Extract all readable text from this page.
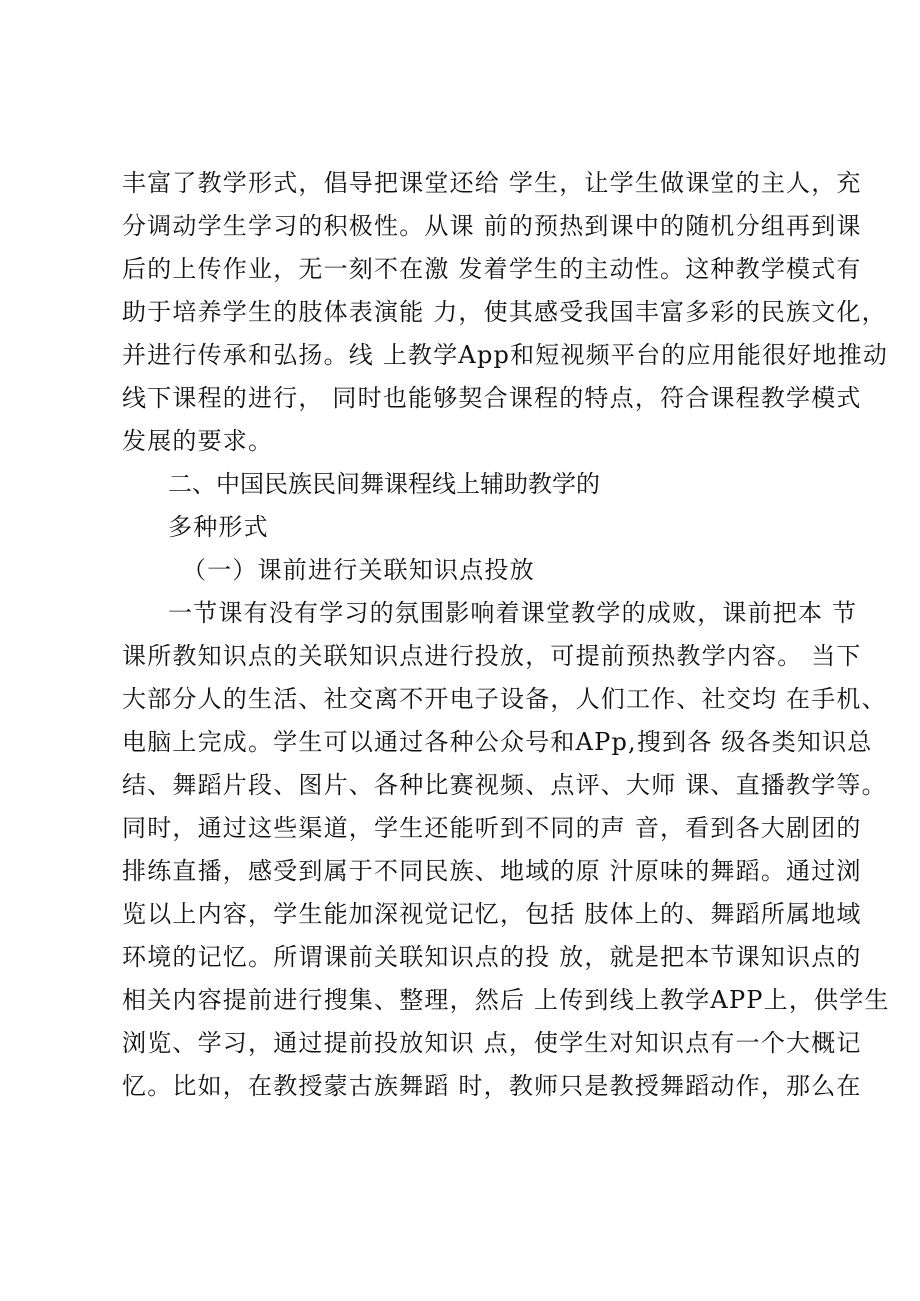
丰富了教学形式，倡导把课堂还给 学生，让学生做课堂的主人，充
分调动学生学习的积极性。从课 前的预热到课中的随机分组再到课
后的上传作业，无一刻不在激 发着学生的主动性。这种教学模式有
助于培养学生的肢体表演能 力，使其感受我国丰富多彩的民族文化，
并进行传承和弘扬。线 上教学App和短视频平台的应用能很好地推动
线下课程的进行， 同时也能够契合课程的特点，符合课程教学模式
发展的要求。
二、中国民族民间舞课程线上辅助教学的
多种形式
（一）课前进行关联知识点投放
一节课有没有学习的氛围影响着课堂教学的成败，课前把本 节
课所教知识点的关联知识点进行投放，可提前预热教学内容。 当下
大部分人的生活、社交离不开电子设备，人们工作、社交均 在手机、
电脑上完成。学生可以通过各种公众号和APp,搜到各 级各类知识总
结、舞蹈片段、图片、各种比赛视频、点评、大师 课、直播教学等。
同时，通过这些渠道，学生还能听到不同的声 音，看到各大剧团的
排练直播，感受到属于不同民族、地域的原 汁原味的舞蹈。通过浏
览以上内容，学生能加深视觉记忆，包括 肢体上的、舞蹈所属地域
环境的记忆。所谓课前关联知识点的投 放，就是把本节课知识点的
相关内容提前进行搜集、整理，然后 上传到线上教学APP上，供学生
浏览、学习，通过提前投放知识 点，使学生对知识点有一个大概记
忆。比如，在教授蒙古族舞蹈 时，教师只是教授舞蹈动作，那么在
